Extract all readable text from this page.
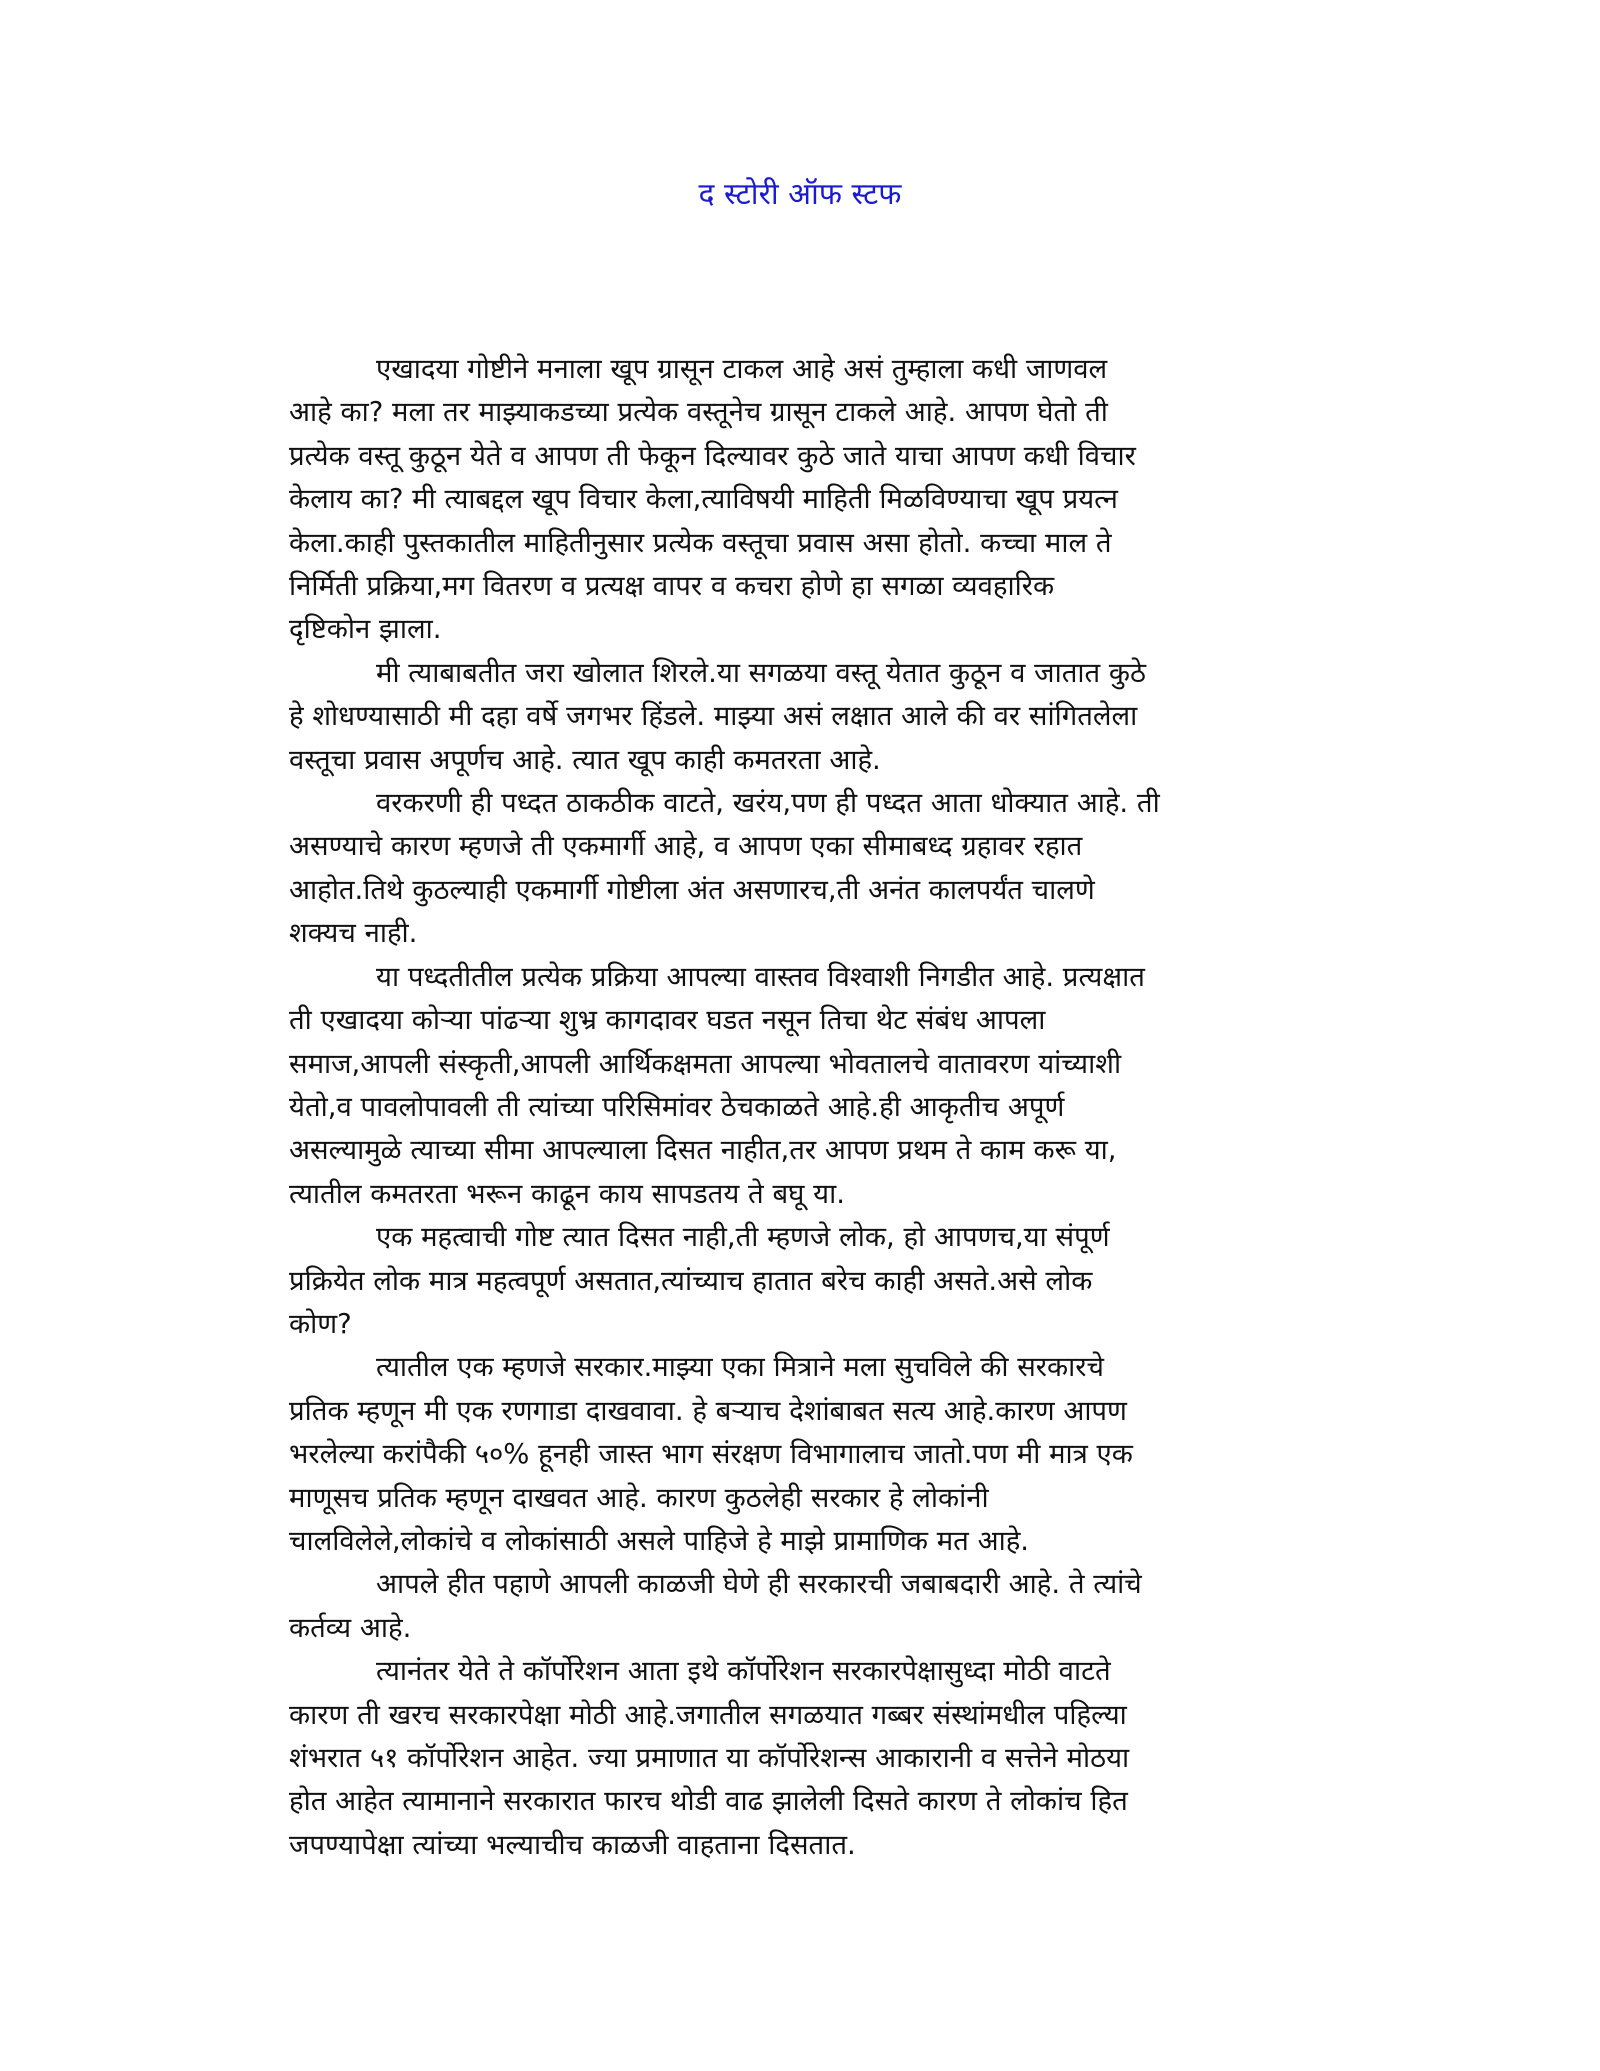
द स्टोरी ऑफ स्टफ

एखादया गोष्टीने मनाला खूप ग्रासून टाकल आहे असं तुम्हाला कधी जाणवल
आहे का? मला तर माझ्याकडच्या प्रत्येक वस्तूनेच ग्रासून टाकले आहे. आपण घेतो ती
प्रत्येक वस्तू कुठून येते व आपण ती फेकून दिल्यावर कुठे जाते याचा आपण कधी विचार
केलाय का? मी त्याबद्दल खूप विचार केला,त्याविषयी माहिती मिळविण्याचा खूप प्रयत्न
केला.काही पुस्तकातील माहितीनुसार प्रत्येक वस्तूचा प्रवास असा होतो. कच्चा माल ते
निर्मिती प्रक्रिया,मग वितरण व प्रत्यक्ष वापर व कचरा होणे हा सगळा व्यवहारिक
दृष्टिकोन झाला.

मी त्याबाबतीत जरा खोलात शिरले.या सगळया वस्तू येतात कुठून व जातात कुठे
हे शोधण्यासाठी मी दहा वर्षे जगभर हिंडले. माझ्या असं लक्षात आले की वर सांगितलेला
वस्तूचा प्रवास अपूर्णच आहे. त्यात खूप काही कमतरता आहे.

वरकरणी ही पध्दत ठाकठीक वाटते, खरंय,पण ही पध्दत आता धोक्यात आहे. ती
असण्याचे कारण म्हणजे ती एकमार्गी आहे, व आपण एका सीमाबध्द ग्रहावर रहात
आहोत.तिथे कुठल्याही एकमार्गी गोष्टीला अंत असणारच,ती अनंत कालपर्यंत चालणे
शक्यच नाही.

या पध्दतीतील प्रत्येक प्रक्रिया आपल्या वास्तव विश्वाशी निगडीत आहे. प्रत्यक्षात
ती एखादया कोऱ्या पांढऱ्या शुभ्र कागदावर घडत नसून तिचा थेट संबंध आपला
समाज,आपली संस्कृती,आपली आर्थिकक्षमता आपल्या भोवतालचे वातावरण यांच्याशी
येतो,व पावलोपावली ती त्यांच्या परिसिमांवर ठेचकाळते आहे.ही आकृतीच अपूर्ण
असल्यामुळे त्याच्या सीमा आपल्याला दिसत नाहीत,तर आपण प्रथम ते काम करू या,
त्यातील कमतरता भरून काढून काय सापडतय ते बघू या.

एक महत्वाची गोष्ट त्यात दिसत नाही,ती म्हणजे लोक, हो आपणच,या संपूर्ण
प्रक्रियेत लोक मात्र महत्वपूर्ण असतात,त्यांच्याच हातात बरेच काही असते.असे लोक
कोण?

त्यातील एक म्हणजे सरकार.माझ्या एका मित्राने मला सुचविले की सरकारचे
प्रतिक म्हणून मी एक रणगाडा दाखवावा. हे बऱ्याच देशांबाबत सत्य आहे.कारण आपण
भरलेल्या करांपैकी ५०% हूनही जास्त भाग संरक्षण विभागालाच जातो.पण मी मात्र एक
माणूसच प्रतिक म्हणून दाखवत आहे. कारण कुठलेही सरकार हे लोकांनी
चालविलेले,लोकांचे व लोकांसाठी असले पाहिजे हे माझे प्रामाणिक मत आहे.

आपले हीत पहाणे आपली काळजी घेणे ही सरकारची जबाबदारी आहे. ते त्यांचे
कर्तव्य आहे.

त्यानंतर येते ते कॉर्पोरेशन आता इथे कॉर्पोरेशन सरकारपेक्षासुध्दा मोठी वाटते
कारण ती खरच सरकारपेक्षा मोठी आहे.जगातील सगळयात गब्बर संस्थांमधील पहिल्या
शंभरात ५१ कॉर्पोरेशन आहेत. ज्या प्रमाणात या कॉर्पोरेशन्स आकारानी व सत्तेने मोठया
होत आहेत त्यामानाने सरकारात फारच थोडी वाढ झालेली दिसते कारण ते लोकांच हित
जपण्यापेक्षा त्यांच्या भल्याचीच काळजी वाहताना दिसतात.
